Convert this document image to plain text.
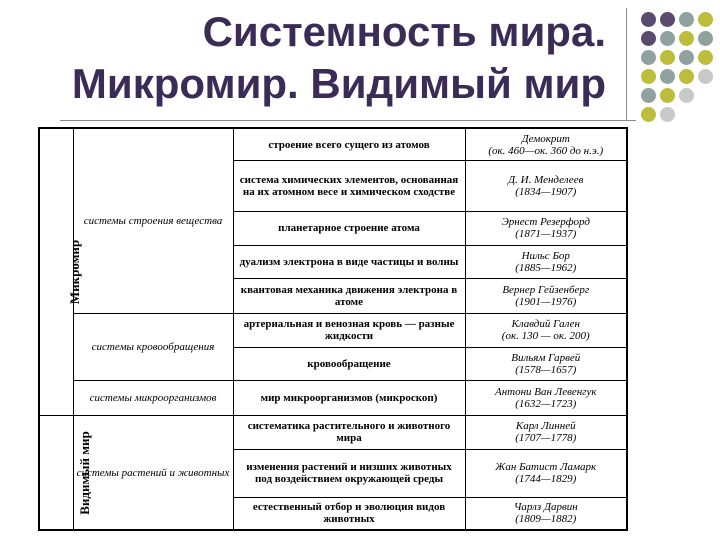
Системность мира.
Микромир. Видимый мир
Микромир	системы строения вещества	строение всего сущего из атомов	Демокрит
(ок. 460—ок. 360 до н.э.)

		система химических элементов, основанная на их атомном весе и химическом сходстве	Д. И. Менделеев
(1834—1907)

		планетарное строение атома	Эрнест Резерфорд
(1871—1937)

		дуализм электрона в виде частицы и волны	Нильс Бор
(1885—1962)

		квантовая механика движения электрона в атоме	Вернер Гейзенберг
(1901—1976)

	системы кровообращения	артериальная и венозная кровь — разные жидкости	Клавдий Гален
(ок. 130 — ок. 200)

		кровообращение	Вильям Гарвей
(1578—1657)

	системы микроорганизмов	мир микроорганизмов (микроскоп)	Антони Ван Левенгук
(1632—1723)

Видимый мир	системы растений и животных	систематика растительного и животного мира	Карл Линней
(1707—1778)

		изменения растений и низших животных под воздействием окружающей среды	Жан Батист Ламарк
(1744—1829)

		естественный отбор и эволюция видов животных	Чарлз Дарвин
(1809—1882)
